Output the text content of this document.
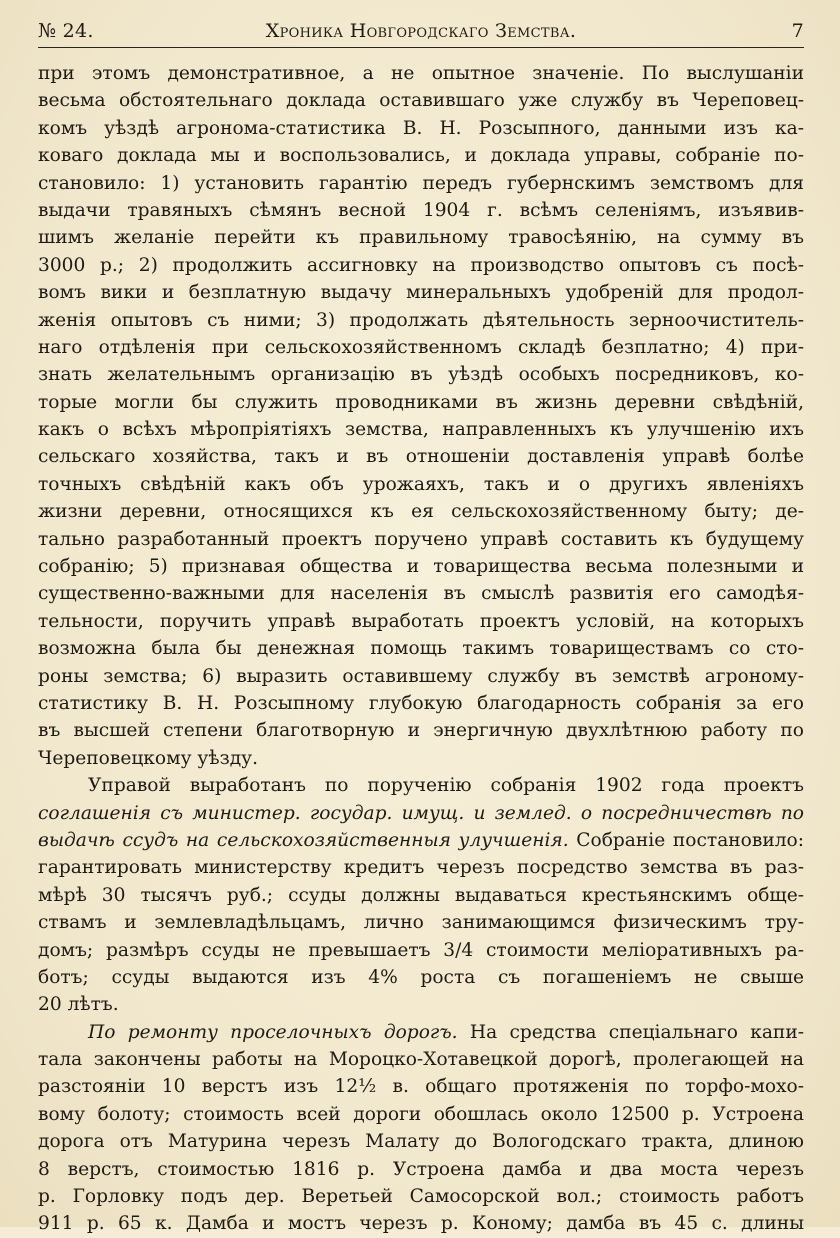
№ 24.	Хроника Новгородскаго Земства.	7
при этомъ демонстративное, а не опытное значеніе. По выслушаніи
весьма обстоятельнаго доклада оставившаго уже службу въ Череповец-
комъ уѣздѣ агронома-статистика В. Н. Розсыпного, данными изъ ка-
коваго доклада мы и воспользовались, и доклада управы, собраніе по-
становило: 1) установить гарантію передъ губернскимъ земствомъ для
выдачи травяныхъ сѣмянъ весной 1904 г. всѣмъ селеніямъ, изъявив-
шимъ желаніе перейти къ правильному травосѣянію, на сумму въ
3000 р.; 2) продолжить ассигновку на производство опытовъ съ посѣ-
вомъ вики и безплатную выдачу минеральныхъ удобреній для продол-
женія опытовъ съ ними; 3) продолжать дѣятельность зерноочиститель-
наго отдѣленія при сельскохозяйственномъ складѣ безплатно; 4) при-
знать желательнымъ организацію въ уѣздѣ особыхъ посредниковъ, ко-
торые могли бы служить проводниками въ жизнь деревни свѣдѣній,
какъ о всѣхъ мѣропріятіяхъ земства, направленныхъ къ улучшенію ихъ
сельскаго хозяйства, такъ и въ отношеніи доставленія управѣ болѣе
точныхъ свѣдѣній какъ объ урожаяхъ, такъ и о другихъ явленіяхъ
жизни деревни, относящихся къ ея сельскохозяйственному быту; де-
тально разработанный проектъ поручено управѣ составить къ будущему
собранію; 5) признавая общества и товарищества весьма полезными и
существенно-важными для населенія въ смыслѣ развитія его самодѣя-
тельности, поручить управѣ выработать проектъ условій, на которыхъ
возможна была бы денежная помощь такимъ товариществамъ со сто-
роны земства; 6) выразить оставившему службу въ земствѣ агроному-
статистику В. Н. Розсыпному глубокую благодарность собранія за его
въ высшей степени благотворную и энергичную двухлѣтнюю работу по
Череповецкому уѣзду.
Управой выработанъ по порученію собранія 1902 года проектъ
соглашенія съ министер. государ. имущ. и землед. о посредничествѣ по
выдачѣ ссудъ на сельскохозяйственныя улучшенія. Собраніе постановило:
гарантировать министерству кредитъ черезъ посредство земства въ раз-
мѣрѣ 30 тысячъ руб.; ссуды должны выдаваться крестьянскимъ обще-
ствамъ и землевладѣльцамъ, лично занимающимся физическимъ тру-
домъ; размѣръ ссуды не превышаетъ 3/4 стоимости меліоративныхъ ра-
ботъ; ссуды выдаются изъ 4% роста съ погашеніемъ не свыше
20 лѣтъ.
По ремонту проселочныхъ дорогъ. На средства спеціальнаго капи-
тала закончены работы на Мороцко-Хотавецкой дорогѣ, пролегающей на
разстояніи 10 верстъ изъ 12½ в. общаго протяженія по торфо-мохо-
вому болоту; стоимость всей дороги обошлась около 12500 р. Устроена
дорога отъ Матурина черезъ Малату до Вологодскаго тракта, длиною
8 верстъ, стоимостью 1816 р. Устроена дамба и два моста черезъ
р. Горловку подъ дер. Веретьей Самосорской вол.; стоимость работъ
911 р. 65 к. Дамба и мостъ черезъ р. Кoнoму; дамба въ 45 с. длины
